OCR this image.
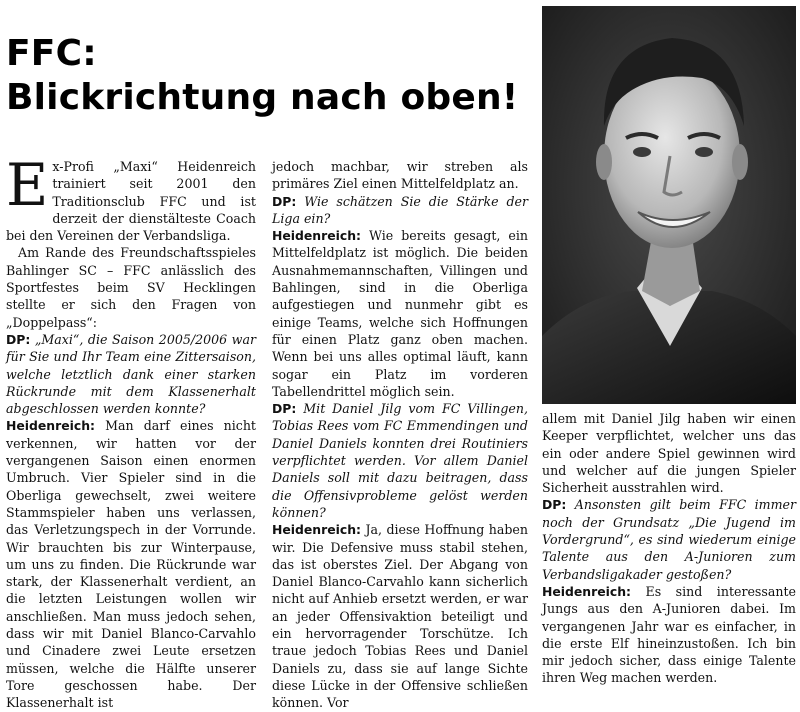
FFC:
Blickrichtung nach oben!

Ex-Profi „Maxi“ Heidenreich trainiert seit 2001 den Traditionsclub FFC und ist derzeit der dienstälteste Coach bei den Vereinen der Verbandsliga.

Am Rande des Freundschaftsspieles Bahlinger SC – FFC anlässlich des Sportfestes beim SV Hecklingen stellte er sich den Fragen von „Doppelpass“:

DP: „Maxi“, die Saison 2005/2006 war für Sie und Ihr Team eine Zittersaison, welche letztlich dank einer starken Rückrunde mit dem Klassenerhalt abgeschlossen werden konnte?

Heidenreich: Man darf eines nicht verkennen, wir hatten vor der vergangenen Saison einen enormen Umbruch. Vier Spieler sind in die Oberliga gewechselt, zwei weitere Stammspieler haben uns verlassen, das Verletzungspech in der Vorrunde. Wir brauchten bis zur Winterpause, um uns zu finden. Die Rückrunde war stark, der Klassenerhalt verdient, an die letzten Leistungen wollen wir anschließen. Man muss jedoch sehen, dass wir mit Daniel Blanco-Carvahlo und Cinadere zwei Leute ersetzen müssen, welche die Hälfte unserer Tore geschossen habe. Der Klassenerhalt ist

jedoch machbar, wir streben als primäres Ziel einen Mittelfeldplatz an.

DP: Wie schätzen Sie die Stärke der Liga ein?

Heidenreich: Wie bereits gesagt, ein Mittelfeldplatz ist möglich. Die beiden Ausnahmemannschaften, Villingen und Bahlingen, sind in die Oberliga aufgestiegen und nunmehr gibt es einige Teams, welche sich Hoffnungen für einen Platz ganz oben machen. Wenn bei uns alles optimal läuft, kann sogar ein Platz im vorderen Tabellendrittel möglich sein.

DP: Mit Daniel Jilg vom FC Villingen, Tobias Rees vom FC Emmendingen und Daniel Daniels konnten drei Routiniers verpflichtet werden. Vor allem Daniel Daniels soll mit dazu beitragen, dass die Offensivprobleme gelöst werden können?

Heidenreich: Ja, diese Hoffnung haben wir. Die Defensive muss stabil stehen, das ist oberstes Ziel. Der Abgang von Daniel Blanco-Carvahlo kann sicherlich nicht auf Anhieb ersetzt werden, er war an jeder Offensivaktion beteiligt und ein hervorragender Torschütze. Ich traue jedoch Tobias Rees und Daniel Daniels zu, dass sie auf lange Sichte diese Lücke in der Offensive schließen können. Vor

allem mit Daniel Jilg haben wir einen Keeper verpflichtet, welcher uns das ein oder andere Spiel gewinnen wird und welcher auf die jungen Spieler Sicherheit ausstrahlen wird.

DP: Ansonsten gilt beim FFC immer noch der Grundsatz „Die Jugend im Vordergrund“, es sind wiederum einige Talente aus den A-Junioren zum Verbandsligakader gestoßen?

Heidenreich: Es sind interessante Jungs aus den A-Junioren dabei. Im vergangenen Jahr war es einfacher, in die erste Elf hineinzustoßen. Ich bin mir jedoch sicher, dass einige Talente ihren Weg machen werden.
